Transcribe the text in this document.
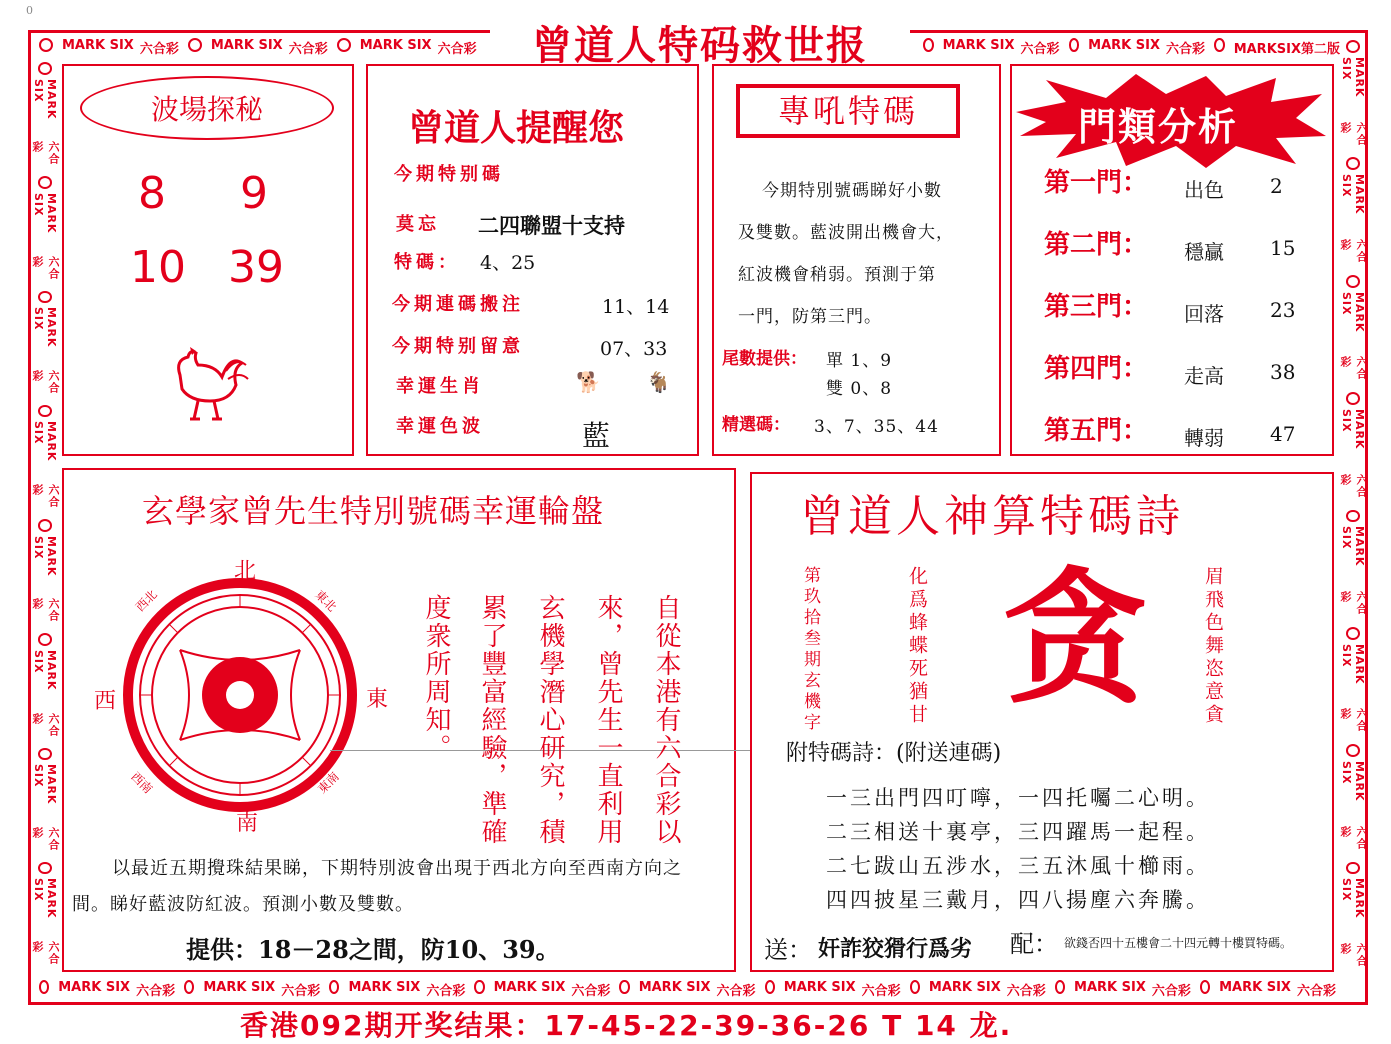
0
MARK SIX 六合彩 MARK SIX 六合彩 MARK SIX 六合彩	MARK SIX 六合彩 MARK SIX 六合彩 MARKSIX第二版
MARK SIX 六合彩 MARK SIX 六合彩 MARK SIX 六合彩 MARK SIX 六合彩 MARK SIX 六合彩 MARK SIX 六合彩 MARK SIX 六合彩 MARK SIX 六合彩 MARK SIX 六合彩
MARK SIX
六合彩
MARK SIX
六合彩
MARK SIX
六合彩
MARK SIX
六合彩
MARK SIX
六合彩
MARK SIX
六合彩
MARK SIX
六合彩
MARK SIX
六合彩
MARK SIX
六合彩
MARK SIX
六合彩
MARK SIX
六合彩
MARK SIX
六合彩
MARK SIX
六合彩
MARK SIX
六合彩
MARK SIX
六合彩
MARK SIX
六合彩
曾道人特码救世报
波場探秘
8 9
10 39
曾道人提醒您
今期特别碼
莫忘 二四聯盟十支持
特碼： 4、25
今期連碼搬注	11、14
今期特别留意	07、33
幸運生肖	🐕 🐐
幸運色波	藍
專吼特碼
今期特別號碼睇好小數
及雙數。藍波開出機會大，
紅波機會稍弱。預測于第
一門，防第三門。
尾數提供： 單 1、9
雙 0、8
精選碼： 3、7、35、44
門類分析
第一門： 出色 2
第二門： 穩贏 15
第三門： 回落 23
第四門： 走高 38
第五門： 轉弱 47
玄學家曾先生特別號碼幸運輪盤
北
南
西	東
西北	東北
西南	東南	自從本港有六合彩以
來，曾先生一直利用
玄機學潛心研究，積
累了豐富經驗，準確
度衆所周知。
以最近五期攪珠結果睇，下期特別波會出現于西北方向至西南方向之
間。睇好藍波防紅波。預測小數及雙數。
提供：18－28之間，防10、39。
曾道人神算特碼詩
第玖拾叁期玄機字	化爲蜂蝶死猶甘	眉飛色舞恣意貪
贪
附特碼詩：(附送連碼)
一三出門四叮嚀，一四托囑二心明。
二三相送十裏亭，三四躍馬一起程。
二七跋山五涉水，三五沐風十櫛雨。
四四披星三戴月，四八揚塵六奔騰。
送： 奸詐狡猾行爲劣 配： 欲錢否四十五樓會二十四元轉十樓買特碼。
香港092期开奖结果：17-45-22-39-36-26 T 14 龙.
